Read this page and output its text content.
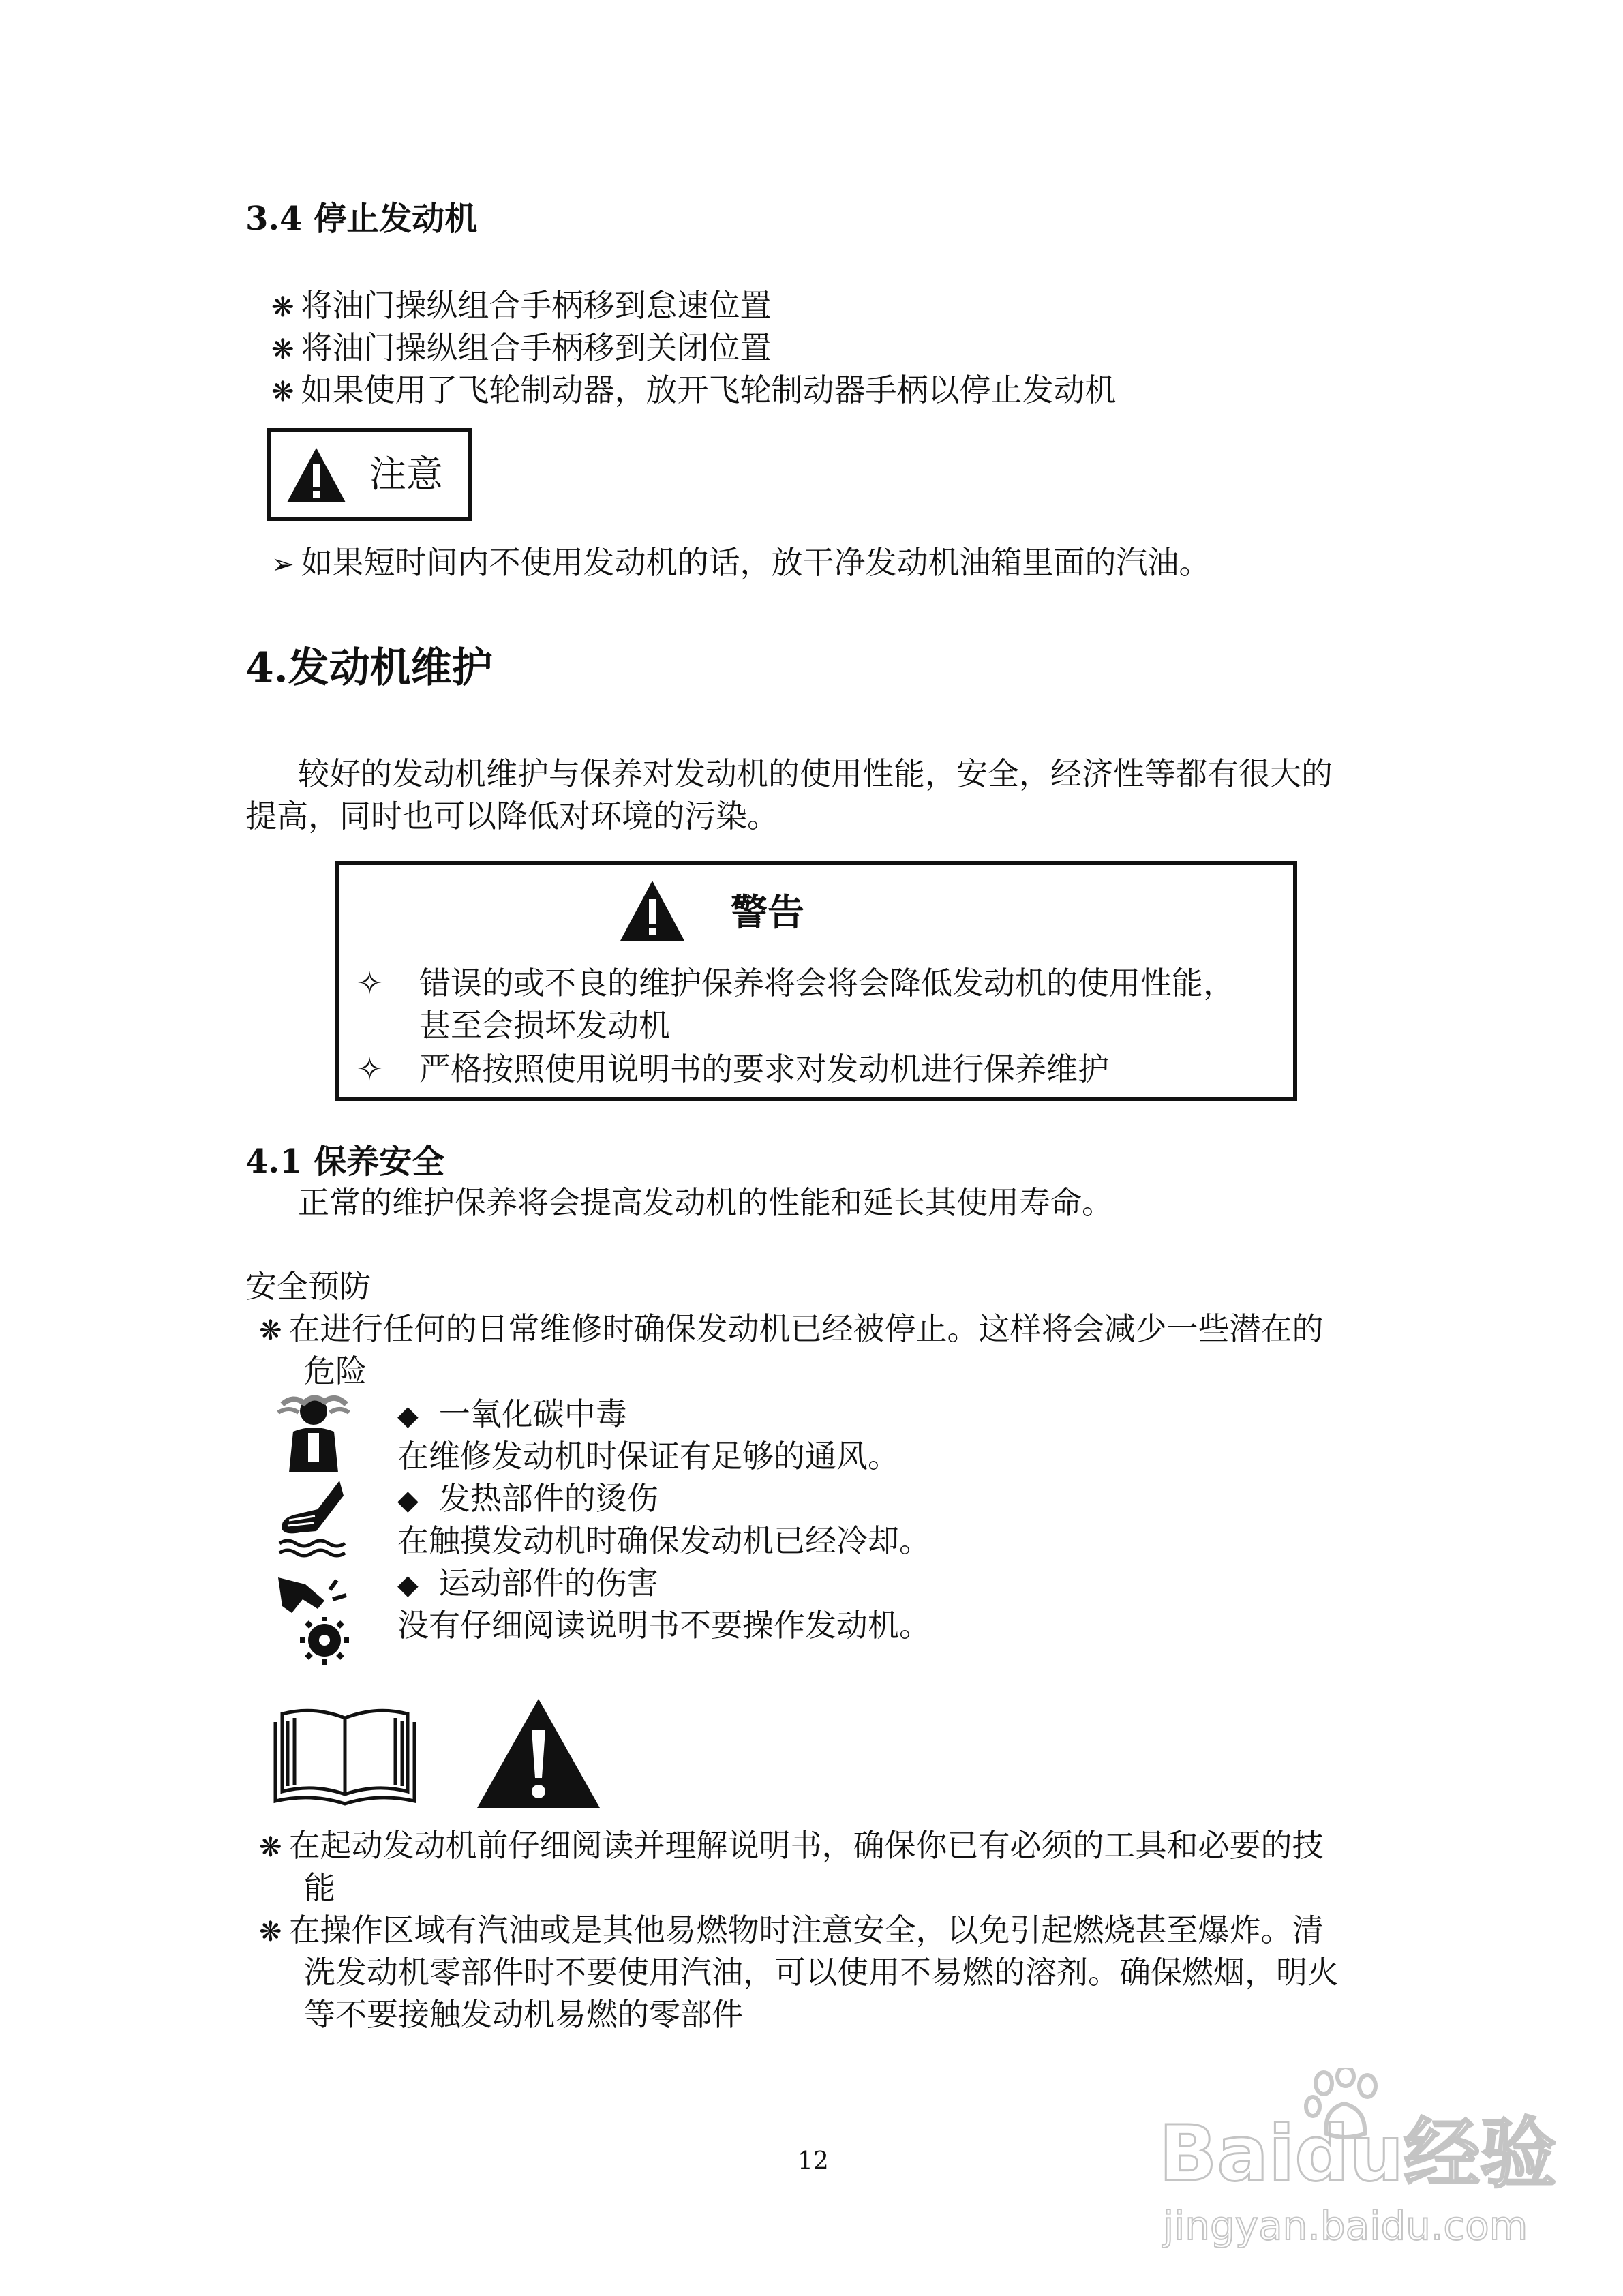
3.4 停止发动机
❋ 将油门操纵组合手柄移到怠速位置
❋ 将油门操纵组合手柄移到关闭位置
❋ 如果使用了飞轮制动器，放开飞轮制动器手柄以停止发动机
注意
➢ 如果短时间内不使用发动机的话，放干净发动机油箱里面的汽油。
4.发动机维护
较好的发动机维护与保养对发动机的使用性能，安全，经济性等都有很大的
提高，同时也可以降低对环境的污染。
警告
✧ 错误的或不良的维护保养将会将会降低发动机的使用性能，
甚至会损坏发动机
✧ 严格按照使用说明书的要求对发动机进行保养维护
4.1 保养安全
正常的维护保养将会提高发动机的性能和延长其使用寿命。
安全预防
❋ 在进行任何的日常维修时确保发动机已经被停止。这样将会减少一些潜在的
危险
◆ 一氧化碳中毒
在维修发动机时保证有足够的通风。
◆ 发热部件的烫伤
在触摸发动机时确保发动机已经冷却。
◆ 运动部件的伤害
没有仔细阅读说明书不要操作发动机。
❋ 在起动发动机前仔细阅读并理解说明书，确保你已有必须的工具和必要的技
能
❋ 在操作区域有汽油或是其他易燃物时注意安全，以免引起燃烧甚至爆炸。清
洗发动机零部件时不要使用汽油，可以使用不易燃的溶剂。确保燃烟，明火
等不要接触发动机易燃的零部件
12	Baidu经验
jingyan.baidu.com
